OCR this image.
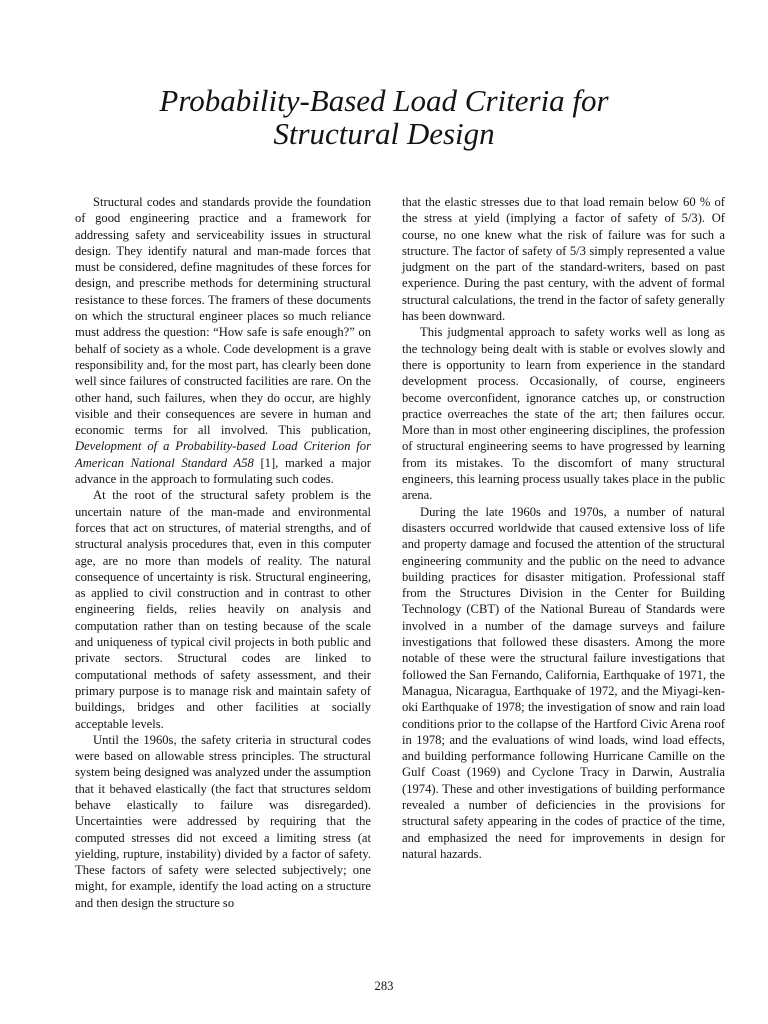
Probability-Based Load Criteria for
Structural Design

Structural codes and standards provide the foundation of good engineering practice and a framework for addressing safety and serviceability issues in structural design. They identify natural and man-made forces that must be considered, define magnitudes of these forces for design, and prescribe methods for determining structural resistance to these forces. The framers of these documents on which the structural engineer places so much reliance must address the question: “How safe is safe enough?” on behalf of society as a whole. Code development is a grave responsibility and, for the most part, has clearly been done well since failures of constructed facilities are rare. On the other hand, such failures, when they do occur, are highly visible and their consequences are severe in human and economic terms for all involved. This publication, Development of a Probability-based Load Criterion for American National Standard A58 [1], marked a major advance in the approach to formulating such codes.

At the root of the structural safety problem is the uncertain nature of the man-made and environmental forces that act on structures, of material strengths, and of structural analysis procedures that, even in this computer age, are no more than models of reality. The natural consequence of uncertainty is risk. Structural engineering, as applied to civil construction and in contrast to other engineering fields, relies heavily on analysis and computation rather than on testing because of the scale and uniqueness of typical civil projects in both public and private sectors. Structural codes are linked to computational methods of safety assessment, and their primary purpose is to manage risk and maintain safety of buildings, bridges and other facilities at socially acceptable levels.

Until the 1960s, the safety criteria in structural codes were based on allowable stress principles. The structural system being designed was analyzed under the assumption that it behaved elastically (the fact that structures seldom behave elastically to failure was disregarded). Uncertainties were addressed by requiring that the computed stresses did not exceed a limiting stress (at yielding, rupture, instability) divided by a factor of safety. These factors of safety were selected subjectively; one might, for example, identify the load acting on a structure and then design the structure so

that the elastic stresses due to that load remain below 60 % of the stress at yield (implying a factor of safety of 5/3). Of course, no one knew what the risk of failure was for such a structure. The factor of safety of 5/3 simply represented a value judgment on the part of the standard-writers, based on past experience. During the past century, with the advent of formal structural calculations, the trend in the factor of safety generally has been downward.

This judgmental approach to safety works well as long as the technology being dealt with is stable or evolves slowly and there is opportunity to learn from experience in the standard development process. Occasionally, of course, engineers become overconfident, ignorance catches up, or construction practice overreaches the state of the art; then failures occur. More than in most other engineering disciplines, the profession of structural engineering seems to have progressed by learning from its mistakes. To the discomfort of many structural engineers, this learning process usually takes place in the public arena.

During the late 1960s and 1970s, a number of natural disasters occurred worldwide that caused extensive loss of life and property damage and focused the attention of the structural engineering community and the public on the need to advance building practices for disaster mitigation. Professional staff from the Structures Division in the Center for Building Technology (CBT) of the National Bureau of Standards were involved in a number of the damage surveys and failure investigations that followed these disasters. Among the more notable of these were the structural failure investigations that followed the San Fernando, California, Earthquake of 1971, the Managua, Nicaragua, Earthquake of 1972, and the Miyagi-ken-oki Earthquake of 1978; the investigation of snow and rain load conditions prior to the collapse of the Hartford Civic Arena roof in 1978; and the evaluations of wind loads, wind load effects, and building performance following Hurricane Camille on the Gulf Coast (1969) and Cyclone Tracy in Darwin, Australia (1974). These and other investigations of building performance revealed a number of deficiencies in the provisions for structural safety appearing in the codes of practice of the time, and emphasized the need for improvements in design for natural hazards.

283
